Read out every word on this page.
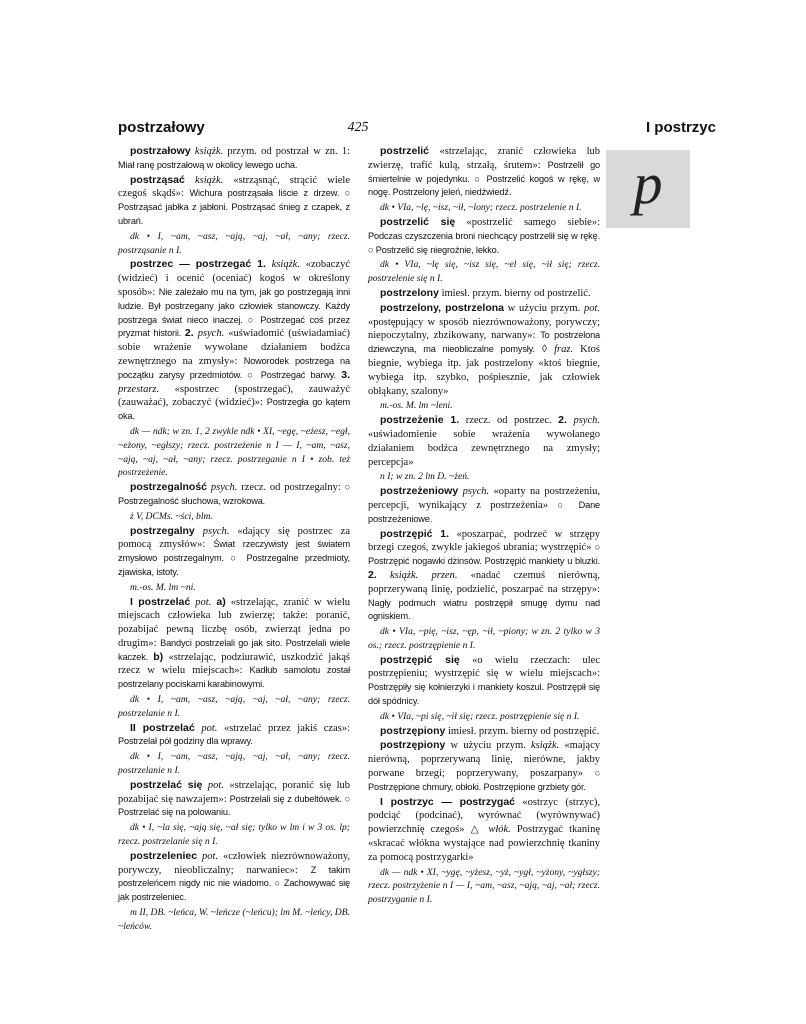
postrzałowy	425	I postrzyc
p

postrzałowy książk. przym. od postrzał w zn. 1: Miał ranę postrzałową w okolicy lewego ucha.

postrząsać książk. «strząsnąć, strącić wiele czegoś skądś»: Wichura postrząsała liście z drzew. ○ Postrząsać jabłka z jabłoni. Postrząsać śnieg z czapek, z ubrań.

dk • I, ~am, ~asz, ~ają, ~aj, ~ał, ~any; rzecz. postrząsanie n I.

postrzec — postrzegać 1. książk. «zobaczyć (widzieć) i ocenić (oceniać) kogoś w określony sposób»: Nie zależało mu na tym, jak go postrzegają inni ludzie. Był postrzegany jako człowiek stanowczy. Każdy postrzega świat nieco inaczej. ○ Postrzegać coś przez pryzmat historii. 2. psych. «uświadomić (uświadamiać) sobie wrażenie wywołane działaniem bodźca zewnętrznego na zmysły»: Noworodek postrzega na początku zarysy przedmiotów. ○ Postrzegać barwy. 3. przestarz. «spostrzec (spostrzegać), zauważyć (zauważać), zobaczyć (widzieć)»: Postrzegła go kątem oka.

dk — ndk; w zn. 1, 2 zwykle ndk • XI, ~egę, ~eżesz, ~egł, ~eżony, ~egłszy; rzecz. postrzeżenie n I — I, ~am, ~asz, ~ają, ~aj, ~ał, ~any; rzecz. postrzeganie n I • zob. też postrzeżenie.

postrzegalność psych. rzecz. od postrzegalny: ○ Postrzegalność słuchowa, wzrokowa.

ż V, DCMs. ~ści, blm.

postrzegalny psych. «dający się postrzec za pomocą zmysłów»: Świat rzeczywisty jest światem zmysłowo postrzegalnym. ○ Postrzegalne przedmioty, zjawiska, istoty.

m.-os. M. lm ~ni.

I postrzelać pot. a) «strzelając, zranić w wielu miejscach człowieka lub zwierzę; także: poranić, pozabijać pewną liczbę osób, zwierząt jedna po drugim»: Bandyci postrzelali go jak sito. Postrzelali wiele kaczek. b) «strzelając, podziurawić, uszkodzić jakąś rzecz w wielu miejscach»: Kadłub samolotu został postrzelany pociskami karabinowymi.

dk • I, ~am, ~asz, ~ają, ~aj, ~ał, ~any; rzecz. postrzelanie n I.

II postrzelać pot. «strzelać przez jakiś czas»: Postrzelał pół godziny dla wprawy.

dk • I, ~am, ~asz, ~ają, ~aj, ~ał, ~any; rzecz. postrzelanie n I.

postrzelać się pot. «strzelając, poranić się lub pozabijać się nawzajem»: Postrzelali się z dubeltówek. ○ Postrzelać się na polowaniu.

dk • I, ~la się, ~ają się, ~ał się; tylko w lm i w 3 os. lp; rzecz. postrzelanie się n I.

postrzeleniec pot. «człowiek niezrównoważony, porywczy, nieobliczalny; narwaniec»: Z takim postrzeleńcem nigdy nic nie wiadomo. ○ Zachowywać się jak postrzeleniec.

m II, DB. ~leńca, W. ~leńcze (~leńcu); lm M. ~leńcy, DB. ~leńców.

postrzelić «strzelając, zranić człowieka lub zwierzę, trafić kulą, strzałą, śrutem»: Postrzelił go śmiertelnie w pojedynku. ○ Postrzelić kogoś w rękę, w nogę. Postrzelony jeleń, niedźwiedź.

dk • VIa, ~lę, ~isz, ~ił, ~lony; rzecz. postrzelenie n I.

postrzelić się «postrzelić samego siebie»: Podczas czyszczenia broni niechcący postrzelił się w rękę. ○ Postrzelić się niegroźnie, lekko.

dk • VIa, ~lę się, ~isz się, ~el się, ~ił się; rzecz. postrzelenie się n I.

postrzelony imiesł. przym. bierny od postrzelić.

postrzelony, postrzelona w użyciu przym. pot. «postępujący w sposób niezrównoważony, porywczy; niepoczytalny, zbzikowany, narwany»: To postrzelona dziewczyna, ma nieobliczalne pomysły. ◊ fraz. Ktoś biegnie, wybiega itp. jak postrzelony «ktoś biegnie, wybiega itp. szybko, pośpiesznie, jak człowiek obłąkany, szalony»

m.-os. M. lm ~leni.

postrzeżenie 1. rzecz. od postrzec. 2. psych. «uświadomienie sobie wrażenia wywołanego działaniem bodźca zewnętrznego na zmysły; percepcja»

n I; w zn. 2 lm D. ~żeń.

postrzeżeniowy psych. «oparty na postrzeżeniu, percepcji, wynikający z postrzeżenia» ○ Dane postrzeżeniowe.

postrzępić 1. «poszarpać, podrzeć w strzępy brzegi czegoś, zwykle jakiegoś ubrania; wystrzępić» ○ Postrzępić nogawki dżinsów. Postrzępić mankiety u bluzki. 2. książk. przen. «nadać czemuś nierówną, poprzerywaną linię, podzielić, poszarpać na strzępy»: Nagły podmuch wiatru postrzępił smugę dymu nad ogniskiem.

dk • VIa, ~pię, ~isz, ~ęp, ~ił, ~piony; w zn. 2 tylko w 3 os.; rzecz. postrzępienie n I.

postrzępić się «o wielu rzeczach: ulec postrzępieniu; wystrzępić się w wielu miejscach»: Postrzępiły się kołnierzyki i mankiety koszul. Postrzępił się dół spódnicy.

dk • VIa, ~pi się, ~ił się; rzecz. postrzępienie się n I.

postrzępiony imiesł. przym. bierny od postrzępić.

postrzępiony w użyciu przym. książk. «mający nierówną, poprzerywaną linię, nierówne, jakby porwane brzegi; poprzerywany, poszarpany» ○ Postrzępione chmury, obłoki. Postrzępione grzbiety gór.

I postrzyc — postrzygać «ostrzyc (strzyc), podciąć (podcinać), wyrównać (wyrównywać) powierzchnię czegoś» △ włók. Postrzygać tkaninę «skracać włókna wystające nad powierzchnię tkaniny za pomocą postrzygarki»

dk — ndk • XI, ~ygę, ~yżesz, ~yż, ~ygł, ~yżony, ~ygłszy; rzecz. postrzyżenie n I — I, ~am, ~asz, ~ają, ~aj, ~ał; rzecz. postrzyganie n I.
